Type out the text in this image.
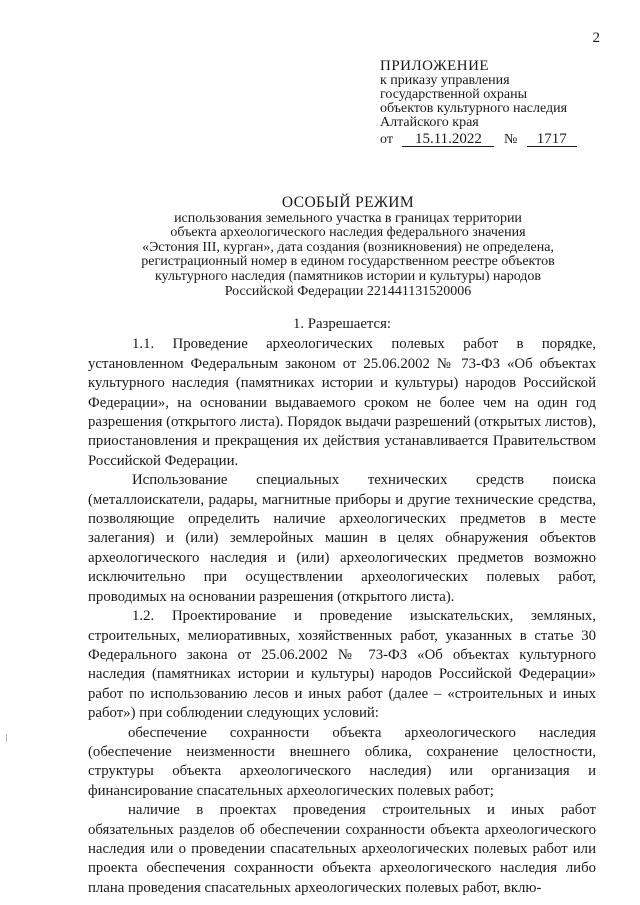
2
ПРИЛОЖЕНИЕ
к приказу управления
государственной охраны
объектов культурного наследия
Алтайского края
от 15.11.2022 № 1717
ОСОБЫЙ РЕЖИМ
использования земельного участка в границах территории
объекта археологического наследия федерального значения
«Эстония III, курган», дата создания (возникновения) не определена,
регистрационный номер в едином государственном реестре объектов
культурного наследия (памятников истории и культуры) народов
Российской Федерации 221441131520006
1. Разрешается:

1.1. Проведение археологических полевых работ в порядке, установленном Федеральным законом от 25.06.2002 № 73-ФЗ «Об объектах культурного наследия (памятниках истории и культуры) народов Российской Федерации», на основании выдаваемого сроком не более чем на один год разрешения (открытого листа). Порядок выдачи разрешений (открытых листов), приостановления и прекращения их действия устанавливается Правительством Российской Федерации.

Использование специальных технических средств поиска (металлоискатели, радары, магнитные приборы и другие технические средства, позволяющие определить наличие археологических предметов в месте залегания) и (или) землеройных машин в целях обнаружения объектов археологического наследия и (или) археологических предметов возможно исключительно при осуществлении археологических полевых работ, проводимых на основании разрешения (открытого листа).

1.2. Проектирование и проведение изыскательских, земляных, строительных, мелиоративных, хозяйственных работ, указанных в статье 30 Федерального закона от 25.06.2002 № 73-ФЗ «Об объектах культурного наследия (памятниках истории и культуры) народов Российской Федерации» работ по использованию лесов и иных работ (далее – «строительных и иных работ») при соблюдении следующих условий:

обеспечение сохранности объекта археологического наследия (обеспечение неизменности внешнего облика, сохранение целостности, структуры объекта археологического наследия) или организация и финансирование спасательных археологических полевых работ;

наличие в проектах проведения строительных и иных работ обязательных разделов об обеспечении сохранности объекта археологического наследия или о проведении спасательных археологических полевых работ или проекта обеспечения сохранности объекта археологического наследия либо плана проведения спасательных археологических полевых работ, вклю-
